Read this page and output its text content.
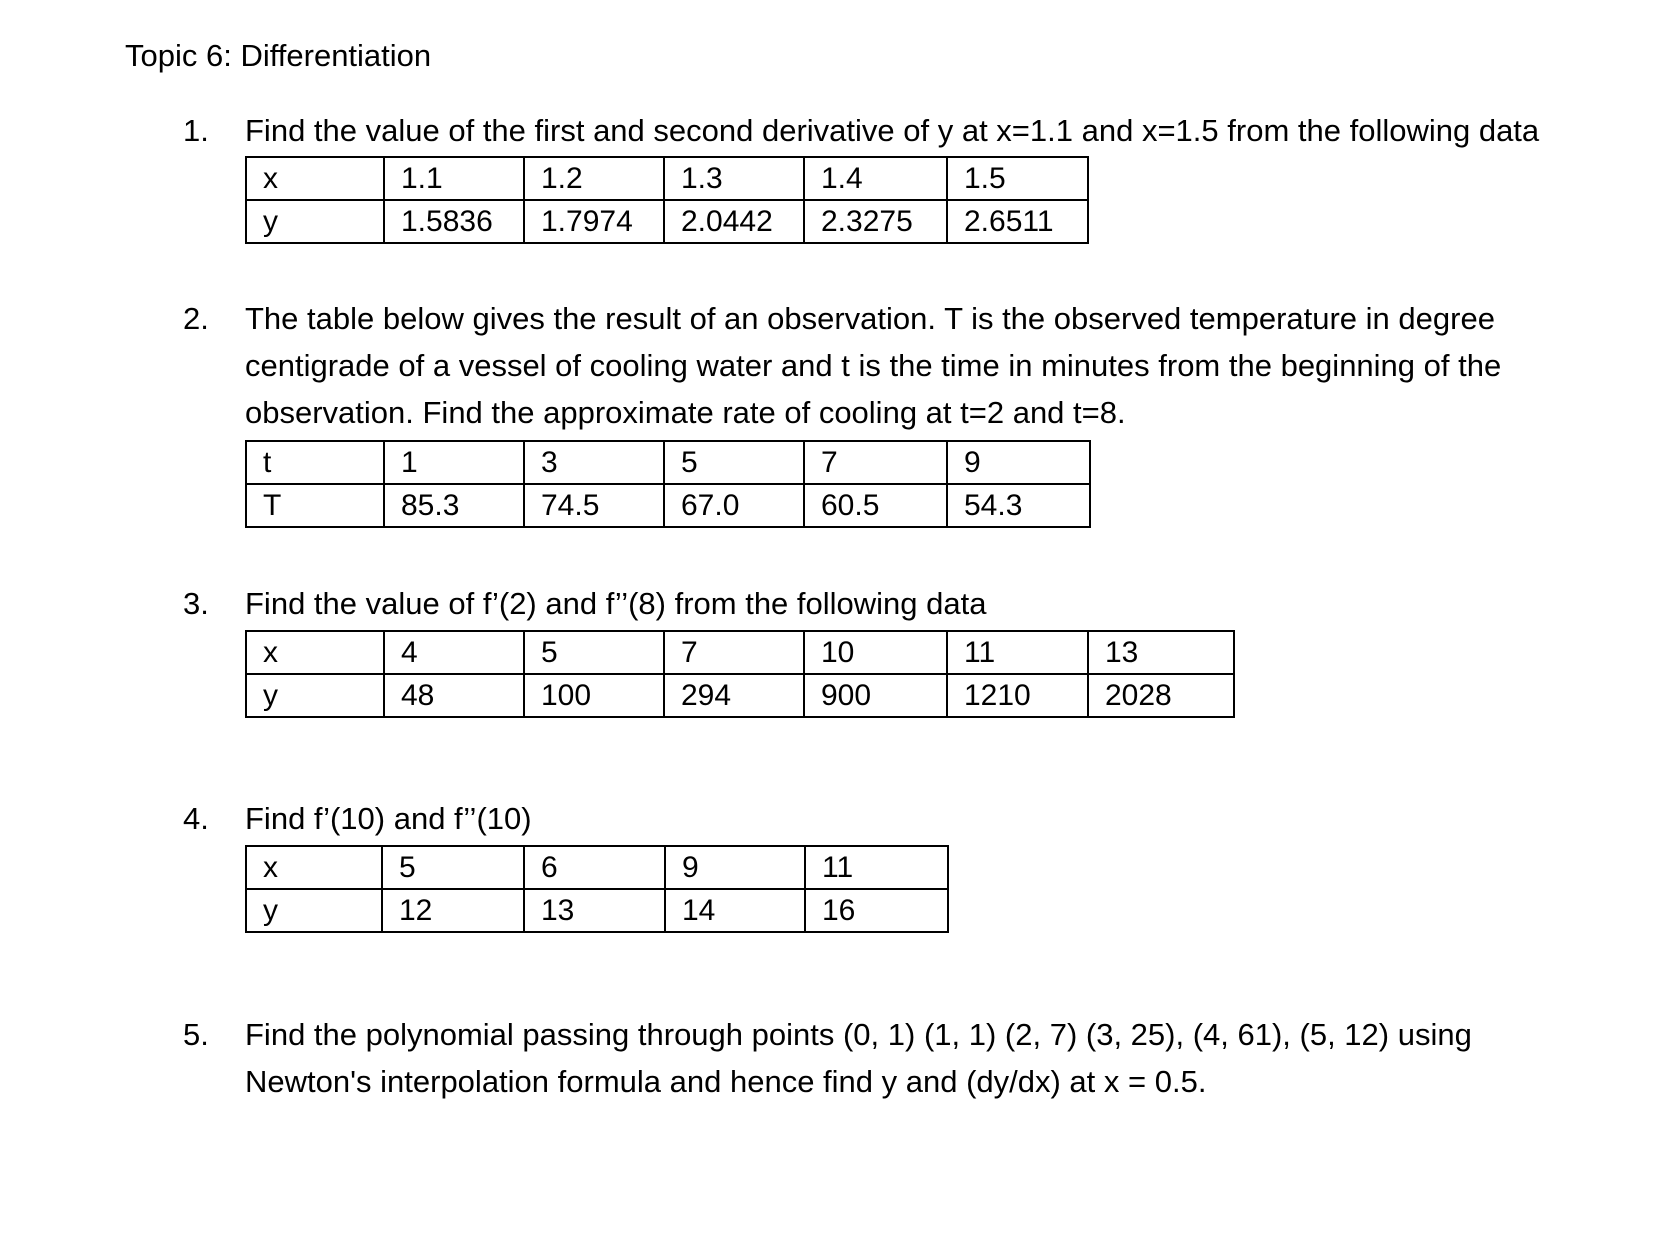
Topic 6: Differentiation
1. Find the value of the first and second derivative of y at x=1.1 and x=1.5 from the following data
x	1.1	1.2	1.3	1.4	1.5
y	1.5836	1.7974	2.0442	2.3275	2.6511
2. The table below gives the result of an observation. T is the observed temperature in degree
centigrade of a vessel of cooling water and t is the time in minutes from the beginning of the
observation. Find the approximate rate of cooling at t=2 and t=8.
t	1	3	5	7	9
T	85.3	74.5	67.0	60.5	54.3
3. Find the value of f’(2) and f’’(8) from the following data
x	4	5	7	10	11	13
y	48	100	294	900	1210	2028
4. Find f’(10) and f’’(10)
x	5	6	9	11
y	12	13	14	16
5. Find the polynomial passing through points (0, 1) (1, 1) (2, 7) (3, 25), (4, 61), (5, 12) using
Newton's interpolation formula and hence find y and (dy/dx) at x = 0.5.
